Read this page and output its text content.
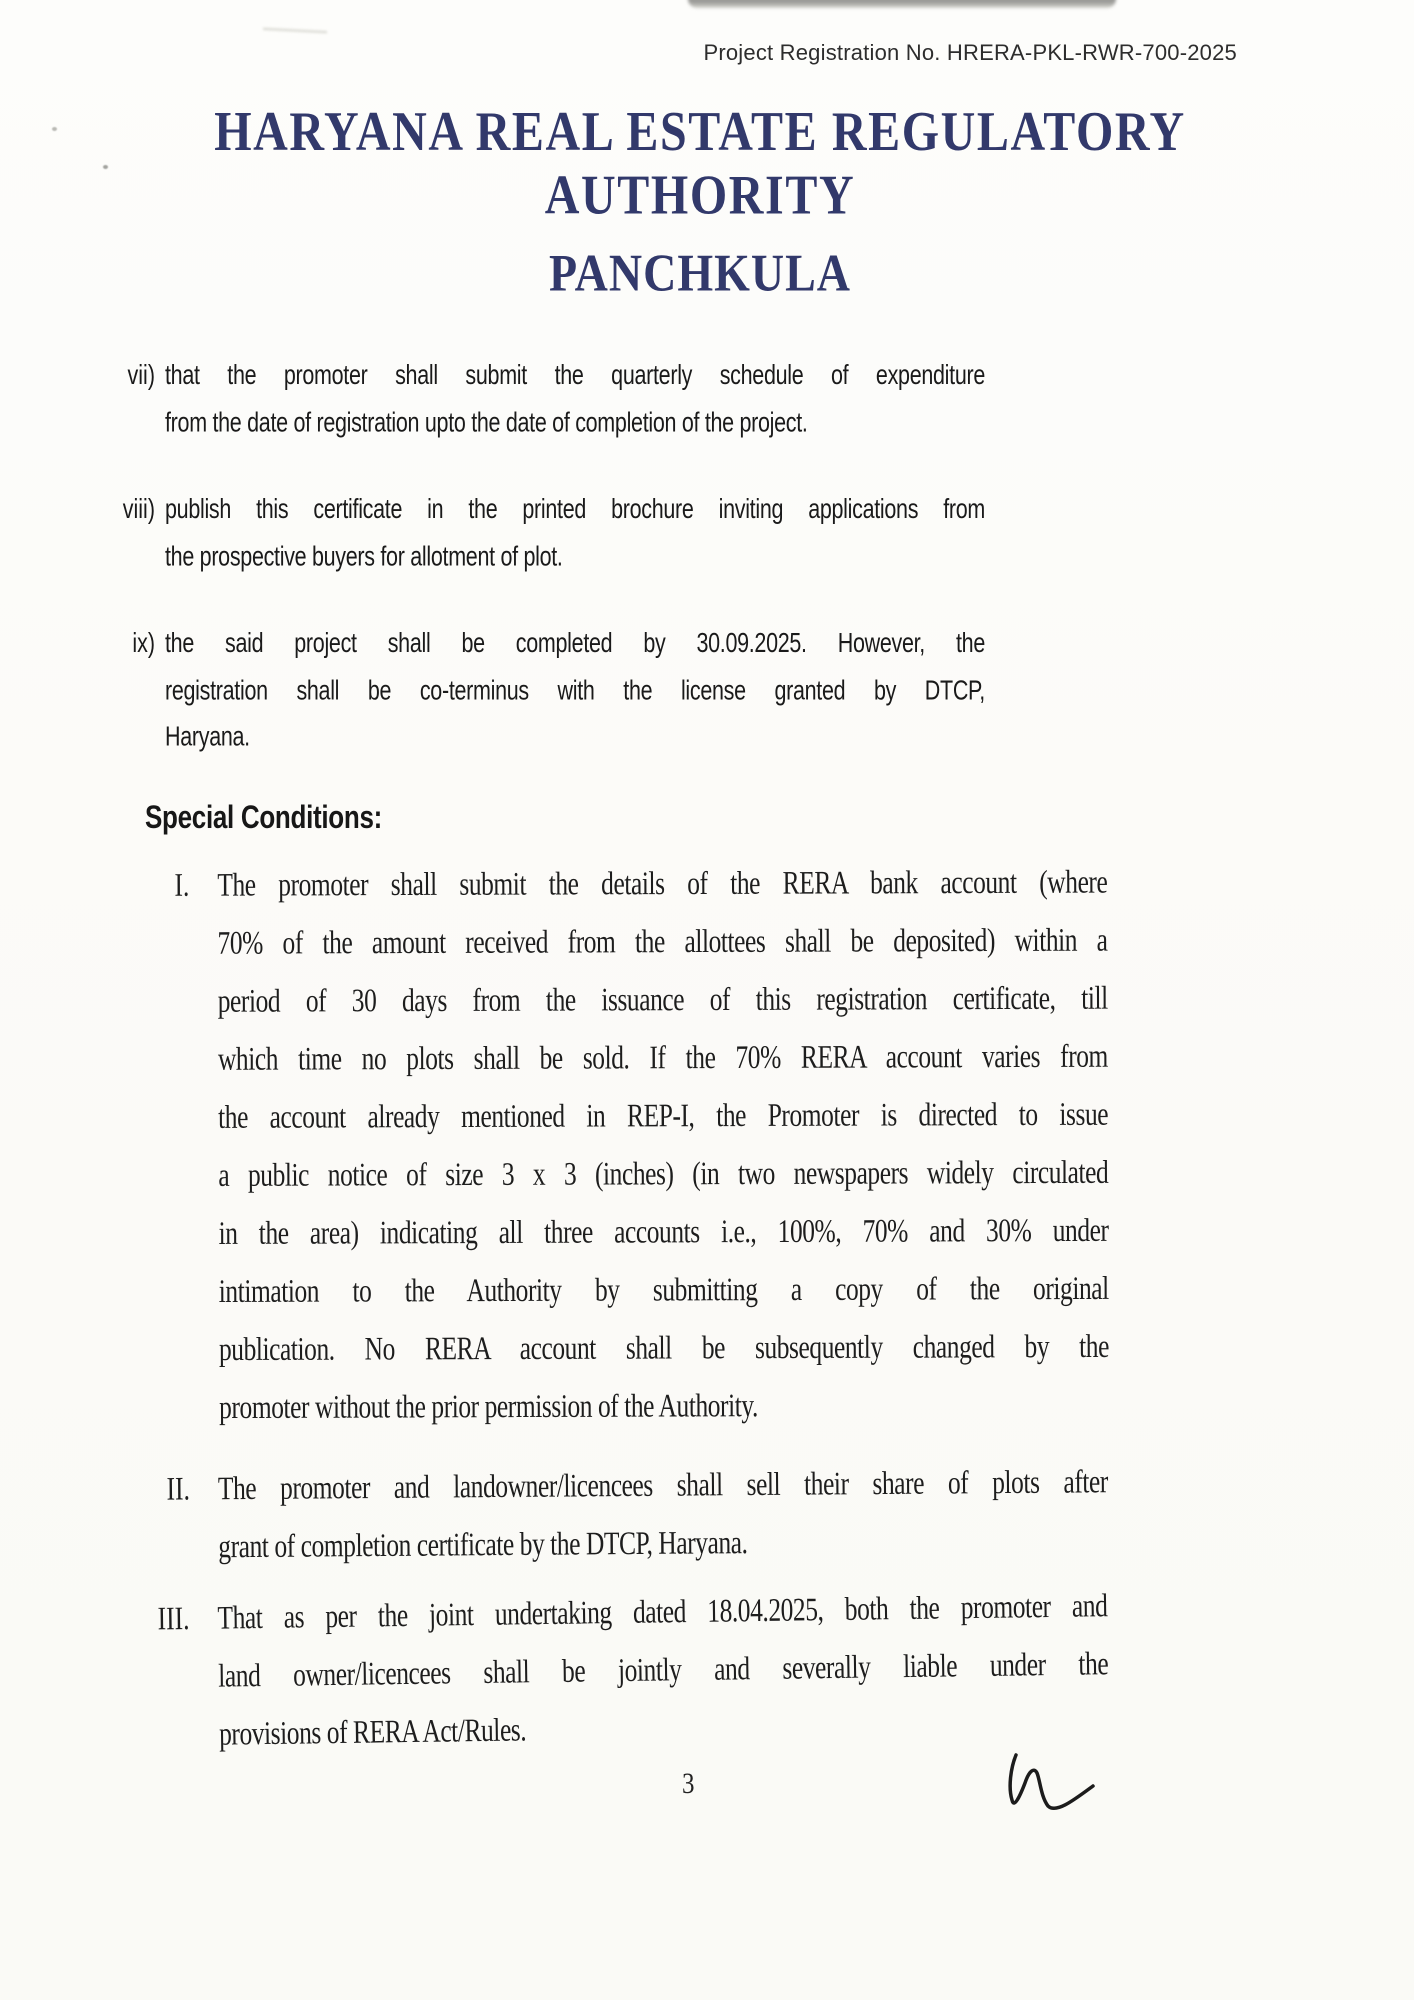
Project Registration No. HRERA-PKL-RWR-700-2025
HARYANA REAL ESTATE REGULATORY AUTHORITY
PANCHKULA
vii) that the promoter shall submit the quarterly schedule of expenditure
from the date of registration upto the date of completion of the project.
viii) publish this certificate in the printed brochure inviting applications from
the prospective buyers for allotment of plot.
ix) the said project shall be completed by 30.09.2025. However, the
registration shall be co-terminus with the license granted by DTCP,
Haryana.
Special Conditions:
I. The promoter shall submit the details of the RERA bank account (where
70% of the amount received from the allottees shall be deposited) within a
period of 30 days from the issuance of this registration certificate, till
which time no plots shall be sold. If the 70% RERA account varies from
the account already mentioned in REP-I, the Promoter is directed to issue
a public notice of size 3 x 3 (inches) (in two newspapers widely circulated
in the area) indicating all three accounts i.e., 100%, 70% and 30% under
intimation to the Authority by submitting a copy of the original
publication. No RERA account shall be subsequently changed by the
promoter without the prior permission of the Authority.
II. The promoter and landowner/licencees shall sell their share of plots after
grant of completion certificate by the DTCP, Haryana.
III. That as per the joint undertaking dated 18.04.2025, both the promoter and
land owner/licencees shall be jointly and severally liable under the
provisions of RERA Act/Rules.
3
